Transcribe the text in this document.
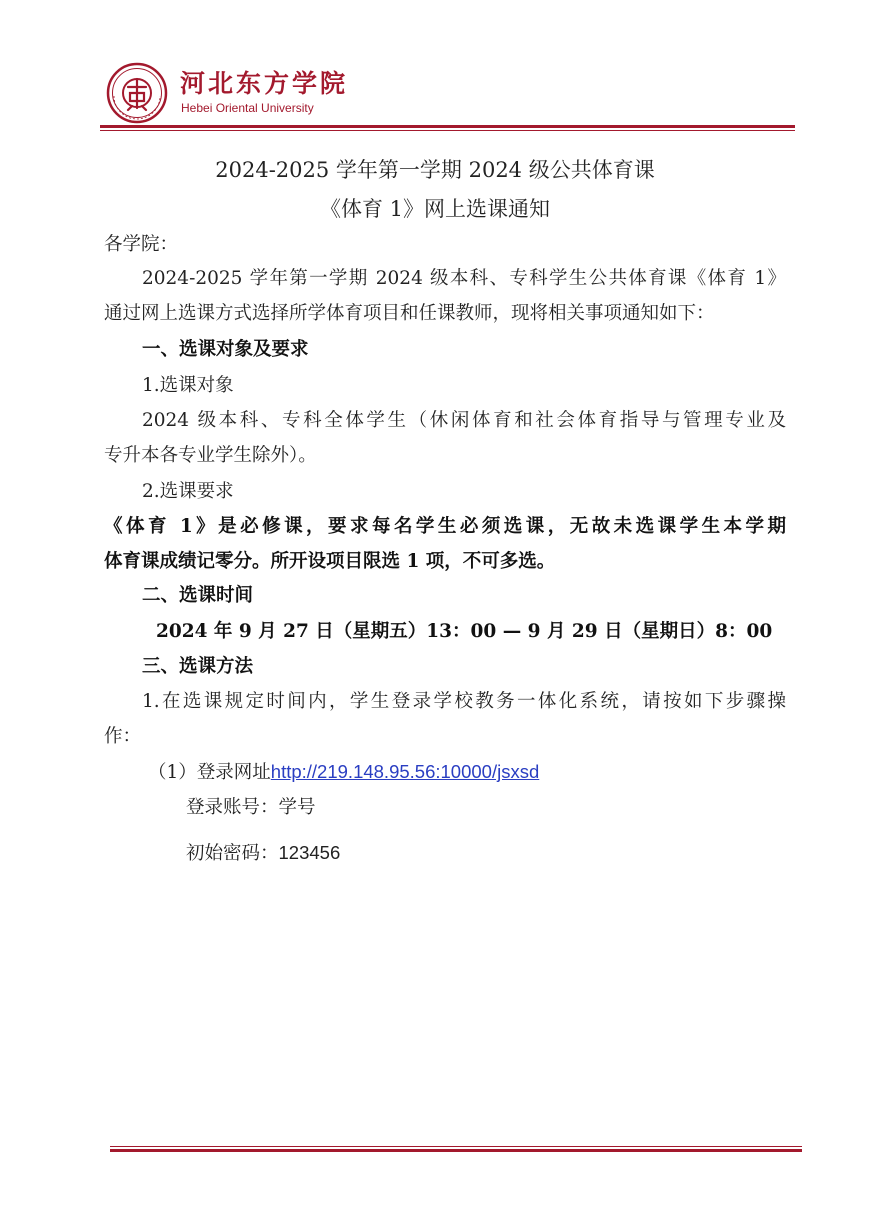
河北东方学院
Hebei Oriental University
2024-2025 学年第一学期 2024 级公共体育课
《体育 1》网上选课通知
各学院：
2024-2025 学年第一学期 2024 级本科、专科学生公共体育课《体育 1》
通过网上选课方式选择所学体育项目和任课教师，现将相关事项通知如下：
一、选课对象及要求
1.选课对象
2024 级本科、专科全体学生（休闲体育和社会体育指导与管理专业及
专升本各专业学生除外）。
2.选课要求
《体育 1》是必修课，要求每名学生必须选课，无故未选课学生本学期
体育课成绩记零分。所开设项目限选 1 项，不可多选。
二、选课时间
2024 年 9 月 27 日（星期五）13：00 — 9 月 29 日（星期日）8：00
三、选课方法
1.在选课规定时间内，学生登录学校教务一体化系统，请按如下步骤操
作：
（1）登录网址http://219.148.95.56:10000/jsxsd
登录账号：学号
初始密码：123456
